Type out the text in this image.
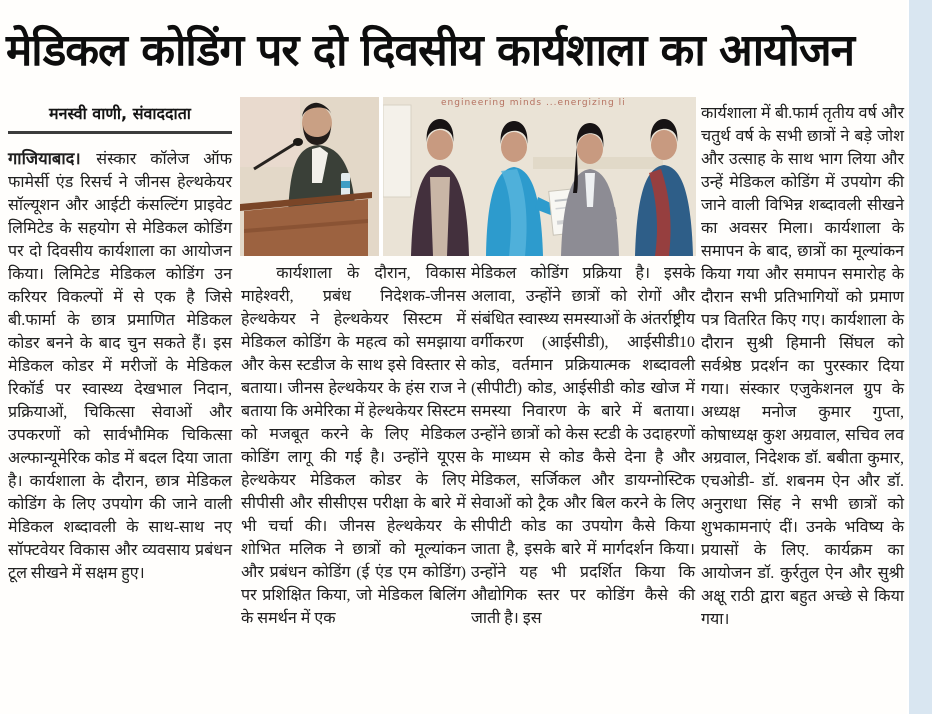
मेडिकल कोडिंग पर दो दिवसीय कार्यशाला का आयोजन
मनस्वी वाणी, संवाददाता
engineering minds ...energizing li

गाजियाबाद। संस्कार कॉलेज ऑफ फामेर्सी एंड रिसर्च ने जीनस हेल्थकेयर सॉल्यूशन और आईटी कंसल्टिंग प्राइवेट लिमिटेड के सहयोग से मेडिकल कोडिंग पर दो दिवसीय कार्यशाला का आयोजन किया। लिमिटेड मेडिकल कोडिंग उन करियर विकल्पों में से एक है जिसे बी.फार्मा के छात्र प्रमाणित मेडिकल कोडर बनने के बाद चुन सकते हैं। इस मेडिकल कोडर में मरीजों के मेडिकल रिकॉर्ड पर स्वास्थ्य देखभाल निदान, प्रक्रियाओं, चिकित्सा सेवाओं और उपकरणों को सार्वभौमिक चिकित्सा अल्फान्यूमेरिक कोड में बदल दिया जाता है। कार्यशाला के दौरान, छात्र मेडिकल कोडिंग के लिए उपयोग की जाने वाली मेडिकल शब्दावली के साथ-साथ नए सॉफ्टवेयर विकास और व्यवसाय प्रबंधन टूल सीखने में सक्षम हुए।

कार्यशाला के दौरान, विकास माहेश्वरी, प्रबंध निदेशक-जीनस हेल्थकेयर ने हेल्थकेयर सिस्टम में मेडिकल कोडिंग के महत्व को समझाया और केस स्टडीज के साथ इसे विस्तार से बताया। जीनस हेल्थकेयर के हंस राज ने बताया कि अमेरिका में हेल्थकेयर सिस्टम को मजबूत करने के लिए मेडिकल कोडिंग लागू की गई है। उन्होंने यूएस हेल्थकेयर मेडिकल कोडर के लिए सीपीसी और सीसीएस परीक्षा के बारे में भी चर्चा की। जीनस हेल्थकेयर के शोभित मलिक ने छात्रों को मूल्यांकन और प्रबंधन कोडिंग (ई एंड एम कोडिंग) पर प्रशिक्षित किया, जो मेडिकल बिलिंग के समर्थन में एक

मेडिकल कोडिंग प्रक्रिया है। इसके अलावा, उन्होंने छात्रों को रोगों और संबंधित स्वास्थ्य समस्याओं के अंतर्राष्ट्रीय वर्गीकरण (आईसीडी), आईसीडी10 कोड, वर्तमान प्रक्रियात्मक शब्दावली (सीपीटी) कोड, आईसीडी कोड खोज में समस्या निवारण के बारे में बताया। उन्होंने छात्रों को केस स्टडी के उदाहरणों के माध्यम से कोड कैसे देना है और मेडिकल, सर्जिकल और डायग्नोस्टिक सेवाओं को ट्रैक और बिल करने के लिए सीपीटी कोड का उपयोग कैसे किया जाता है, इसके बारे में मार्गदर्शन किया। उन्होंने यह भी प्रदर्शित किया कि औद्योगिक स्तर पर कोडिंग कैसे की जाती है। इस

कार्यशाला में बी.फार्म तृतीय वर्ष और चतुर्थ वर्ष के सभी छात्रों ने बड़े जोश और उत्साह के साथ भाग लिया और उन्हें मेडिकल कोडिंग में उपयोग की जाने वाली विभिन्न शब्दावली सीखने का अवसर मिला। कार्यशाला के समापन के बाद, छात्रों का मूल्यांकन किया गया और समापन समारोह के दौरान सभी प्रतिभागियों को प्रमाण पत्र वितरित किए गए। कार्यशाला के दौरान सुश्री हिमानी सिंघल को सर्वश्रेष्ठ प्रदर्शन का पुरस्कार दिया गया। संस्कार एजुकेशनल ग्रुप के अध्यक्ष मनोज कुमार गुप्ता, कोषाध्यक्ष कुश अग्रवाल, सचिव लव अग्रवाल, निदेशक डॉ. बबीता कुमार, एचओडी- डॉ. शबनम ऐन और डॉ. अनुराधा सिंह ने सभी छात्रों को शुभकामनाएं दीं। उनके भविष्य के प्रयासों के लिए. कार्यक्रम का आयोजन डॉ. कुर्रतुल ऐन और सुश्री अक्षू राठी द्वारा बहुत अच्छे से किया गया।
